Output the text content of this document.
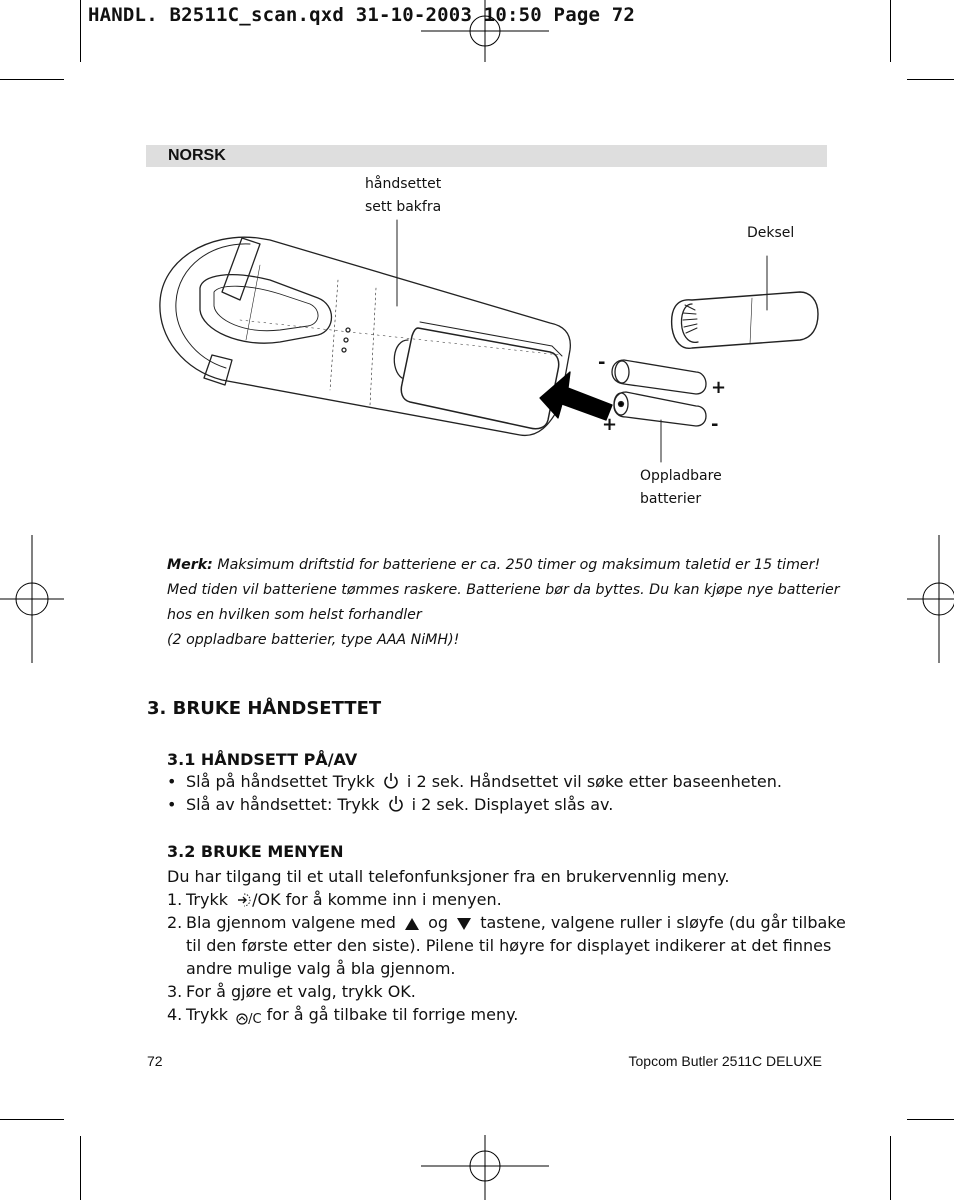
HANDL. B2511C_scan.qxd 31-10-2003 10:50 Page 72
NORSK
håndsettet
sett bakfra
Deksel
Oppladbare
batterier
-
+
+	-

Merk: Maksimum driftstid for batteriene er ca. 250 timer og maksimum taletid er 15 timer!

Med tiden vil batteriene tømmes raskere. Batteriene bør da byttes. Du kan kjøpe nye batterier

hos en hvilken som helst forhandler

(2 oppladbare batterier, type AAA NiMH)!

3. BRUKE HÅNDSETTET
3.1 HÅNDSETT PÅ/AV
• Slå på håndsettet Trykk i 2 sek. Håndsettet vil søke etter baseenheten.
• Slå av håndsettet: Trykk i 2 sek. Displayet slås av.
3.2 BRUKE MENYEN
Du har tilgang til et utall telefonfunksjoner fra en brukervennlig meny.
1. Trykk /OK for å komme inn i menyen.
2. Bla gjennom valgene med og tastene, valgene ruller i sløyfe (du går tilbake
til den første etter den siste). Pilene til høyre for displayet indikerer at det finnes
andre mulige valg å bla gjennom.
3. For å gjøre et valg, trykk OK.
4. Trykk /C for å gå tilbake til forrige meny.
72	Topcom Butler 2511C DELUXE
